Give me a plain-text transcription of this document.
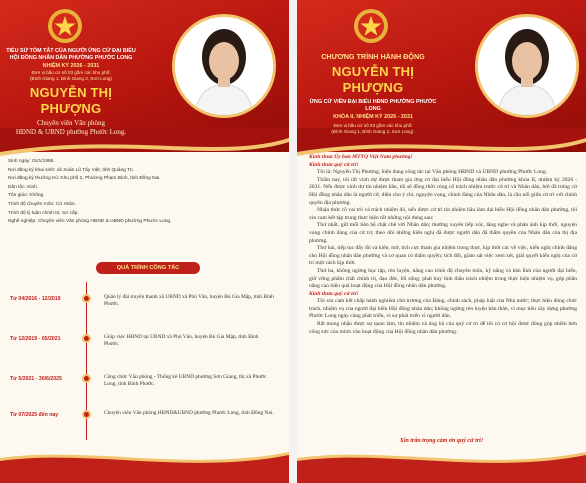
TIỂU SỬ TÓM TẮT CỦA NGƯỜI ỨNG CỬ ĐẠI BIỂU
HỘI ĐỒNG NHÂN DÂN PHƯỜNG PHƯỚC LONG
NHIỆM KỲ 2026 - 2031
Đơn vị bầu cử số 03 gồm các khu phố:
(Bình Giang 1, Bình Giang 2, Sơn Long)
NGUYỄN THỊ PHƯỢNG
Chuyên viên Văn phòng
HĐND & UBND phường Phước Long.
Sinh ngày: 01/1/1986.
Nơi đăng ký khai sinh: xã Xuân Lũ Tây Việt, tỉnh Quảng Trị.
Nơi đăng ký thường trú: Khu phố 2, Phường Phạm Bình, tỉnh Đồng Nai.
Dân tộc: Kinh.
Tôn giáo: Không.
Trình độ chuyên môn: Cử nhân.
Trình độ lý luận chính trị: Sơ cấp.
Nghề nghiệp: Chuyên viên Văn phòng HĐND & UBND phường Phước Long.
QUÁ TRÌNH CÔNG TÁC
Từ 04/2016 - 12/2019	Quản lý đài truyền thanh xã UBND xã Phú Văn, huyện Bù Gia Mập, tỉnh Bình Phước.
Từ 12/2019 - 05/2021	Giúp việc HĐND tại UBND xã Phú Văn, huyện Bù Gia Mập, tỉnh Bình Phước.
Từ 5/2021 - 30/6/2025	Công chức Văn phòng - Thống kê UBND phường Sơn Giang, thị xã Phước Long, tỉnh Bình Phước.
Từ 07/2025 đến nay	Chuyên viên Văn phòng HĐND&UBND phường Phước Long, tỉnh Đồng Nai.
CHƯƠNG TRÌNH HÀNH ĐỘNG
NGUYỄN THỊ PHƯỢNG
ỨNG CỬ VIÊN ĐẠI BIỂU HĐND PHƯỜNG PHƯỚC LONG
KHÓA II, NHIỆM KỲ 2026 - 2031
Đơn vị bầu cử số 03 gồm các khu phố:
(Bình Giang 1, Bình Giang 2, Sơn Long).
Kính thưa Ủy ban MTTQ Việt Nam phường!
Kính thưa quý cử tri!

Tôi là: Nguyễn Thị Phượng, hiện đang công tác tại Văn phòng HĐND và UBND phường Phước Long.

Thẩm nay, tôi rất vinh dự được tham gia ứng cử đại biểu Hội đồng nhân dân phường khóa II, nhiệm kỳ 2026 - 2031. Nếu được vinh dự tín nhiệm bầu, tôi sẽ đồng thời củng cố trách nhiệm trước cử tri và Nhân dân, bởi đã trúng cử Hội đồng nhân dân là người cử, diện cho ý chí, nguyện vọng, chính đáng của Nhân dân, là cầu nối giữa cử tri với chính quyền địa phương.

Nhận thức rõ vai trò và trách nhiệm đó, nếu được cử tri tín nhiệm bầu làm đại biểu Hội đồng nhân dân phường, tôi xin cam kết tập trung thực hiện tốt những nội dung sau:

Thứ nhất, giữ mối liên hệ chặt chẽ với Nhân dân; thường xuyên tiếp xúc, lắng nghe và phản ánh kịp thời, nguyện vọng chính đáng của cử tri; theo dõi những kiến nghị đã được người dân đã thẩm quyền của Nhân dân của thị địa phương.

Thứ hai, tiếp tục đẩy đủ và kiên, mở, tích cực tham gia nhiệm trong thực, kịp thời các về việc, kiến nghị chính đáng cho Hội đồng nhân dân phường và cơ quan có thẩm quyền; tích đối, giám sát việc xem xét, giải quyết kiến nghị của cử tri một cách kịp thời.

Thứ ba, không ngừng học tập, rèn luyện, nâng cao trình độ chuyên môn, kỹ năng và bản lĩnh của người đại biểu, giữ vững phẩm chất chính trị, đạo đức, lối sống; phát huy tinh thần trách nhiệm trong thực hiện nhiệm vụ, góp phần nâng cao hiệu quả hoạt động của Hội đồng nhân dân phường.

Kính thưa quý cử tri!

Tôi xin cam kết chấp hành nghiêm chủ trương của Đảng, chính sách, pháp luật của Nhà nước; thực hiện đúng chức trách, nhiệm vụ của người đại biểu Hội đồng nhân dân; không ngừng rèn luyện bản thân, vì mục tiêu xây dựng phường Phước Long ngày càng phát triển, vì sự phát triển vì người dân.

Rất mong nhận được sự quan tâm, tín nhiệm và ủng hộ của quý cử tri để tôi có cơ hội được đóng góp nhiều hơn công sức của mình vào hoạt động của Hội đồng nhân dân phường.

Xin trân trọng cảm ơn quý cử tri!
